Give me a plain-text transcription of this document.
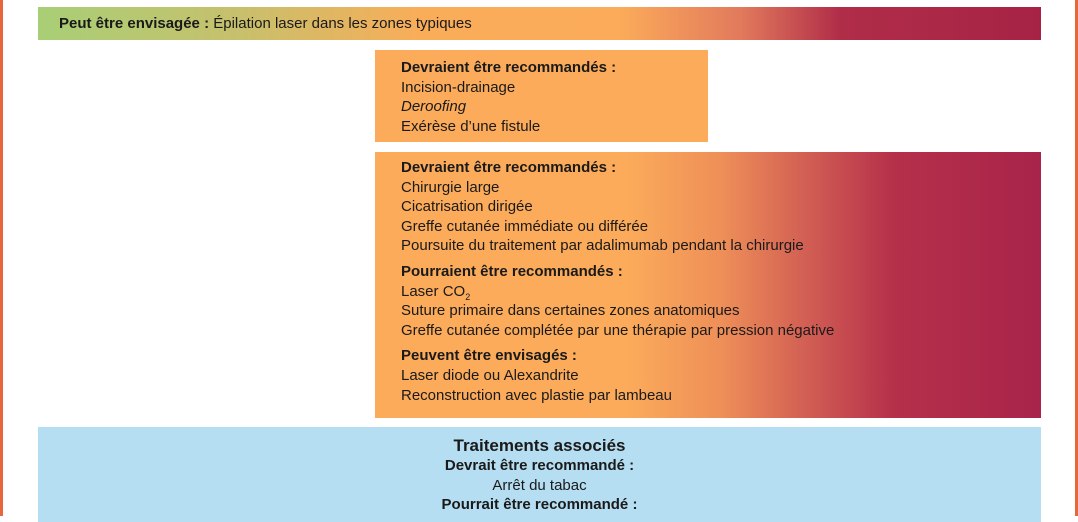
Peut être envisagée : Épilation laser dans les zones typiques
Devraient être recommandés :
Incision-drainage
Deroofing
Exérèse d’une fistule
Devraient être recommandés :
Chirurgie large
Cicatrisation dirigée
Greffe cutanée immédiate ou différée
Poursuite du traitement par adalimumab pendant la chirurgie
Pourraient être recommandés :
Laser $CO_2$
Suture primaire dans certaines zones anatomiques
Greffe cutanée complétée par une thérapie par pression négative
Peuvent être envisagés :
Laser diode ou Alexandrite
Reconstruction avec plastie par lambeau
Traitements associés
Devrait être recommandé :
Arrêt du tabac
Pourrait être recommandé :
